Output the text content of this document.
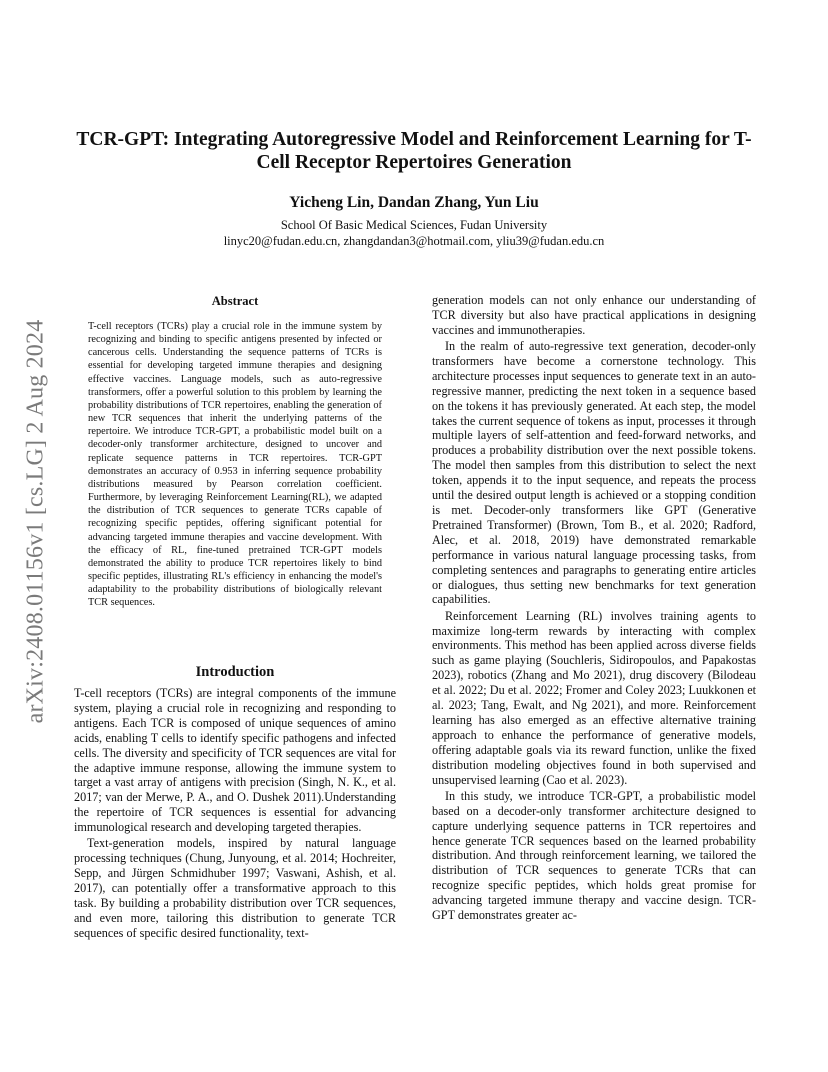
arXiv:2408.01156v1 [cs.LG] 2 Aug 2024
TCR-GPT: Integrating Autoregressive Model and Reinforcement Learning for T-Cell Receptor Repertoires Generation

Yicheng Lin, Dandan Zhang, Yun Liu

School Of Basic Medical Sciences, Fudan University
linyc20@fudan.edu.cn, zhangdandan3@hotmail.com, yliu39@fudan.edu.cn
Abstract

T-cell receptors (TCRs) play a crucial role in the immune system by recognizing and binding to specific antigens presented by infected or cancerous cells. Understanding the sequence patterns of TCRs is essential for developing targeted immune therapies and designing effective vaccines. Language models, such as auto-regressive transformers, offer a powerful solution to this problem by learning the probability distributions of TCR repertoires, enabling the generation of new TCR sequences that inherit the underlying patterns of the repertoire. We introduce TCR-GPT, a probabilistic model built on a decoder-only transformer architecture, designed to uncover and replicate sequence patterns in TCR repertoires. TCR-GPT demonstrates an accuracy of 0.953 in inferring sequence probability distributions measured by Pearson correlation coefficient. Furthermore, by leveraging Reinforcement Learning(RL), we adapted the distribution of TCR sequences to generate TCRs capable of recognizing specific peptides, offering significant potential for advancing targeted immune therapies and vaccine development. With the efficacy of RL, fine-tuned pretrained TCR-GPT models demonstrated the ability to produce TCR repertoires likely to bind specific peptides, illustrating RL's efficiency in enhancing the model's adaptability to the probability distributions of biologically relevant TCR sequences.

Introduction

T-cell receptors (TCRs) are integral components of the immune system, playing a crucial role in recognizing and responding to antigens. Each TCR is composed of unique sequences of amino acids, enabling T cells to identify specific pathogens and infected cells. The diversity and specificity of TCR sequences are vital for the adaptive immune response, allowing the immune system to target a vast array of antigens with precision (Singh, N. K., et al. 2017; van der Merwe, P. A., and O. Dushek 2011).Understanding the repertoire of TCR sequences is essential for advancing immunological research and developing targeted therapies.

Text-generation models, inspired by natural language processing techniques (Chung, Junyoung, et al. 2014; Hochreiter, Sepp, and Jürgen Schmidhuber 1997; Vaswani, Ashish, et al. 2017), can potentially offer a transformative approach to this task. By building a probability distribution over TCR sequences, and even more, tailoring this distribution to generate TCR sequences of specific desired functionality, text-

generation models can not only enhance our understanding of TCR diversity but also have practical applications in designing vaccines and immunotherapies.

In the realm of auto-regressive text generation, decoder-only transformers have become a cornerstone technology. This architecture processes input sequences to generate text in an auto-regressive manner, predicting the next token in a sequence based on the tokens it has previously generated. At each step, the model takes the current sequence of tokens as input, processes it through multiple layers of self-attention and feed-forward networks, and produces a probability distribution over the next possible tokens. The model then samples from this distribution to select the next token, appends it to the input sequence, and repeats the process until the desired output length is achieved or a stopping condition is met. Decoder-only transformers like GPT (Generative Pretrained Transformer) (Brown, Tom B., et al. 2020; Radford, Alec, et al. 2018, 2019) have demonstrated remarkable performance in various natural language processing tasks, from completing sentences and paragraphs to generating entire articles or dialogues, thus setting new benchmarks for text generation capabilities.

Reinforcement Learning (RL) involves training agents to maximize long-term rewards by interacting with complex environments. This method has been applied across diverse fields such as game playing (Souchleris, Sidiropoulos, and Papakostas 2023), robotics (Zhang and Mo 2021), drug discovery (Bilodeau et al. 2022; Du et al. 2022; Fromer and Coley 2023; Luukkonen et al. 2023; Tang, Ewalt, and Ng 2021), and more. Reinforcement learning has also emerged as an effective alternative training approach to enhance the performance of generative models, offering adaptable goals via its reward function, unlike the fixed distribution modeling objectives found in both supervised and unsupervised learning (Cao et al. 2023).

In this study, we introduce TCR-GPT, a probabilistic model based on a decoder-only transformer architecture designed to capture underlying sequence patterns in TCR repertoires and hence generate TCR sequences based on the learned probability distribution. And through reinforcement learning, we tailored the distribution of TCR sequences to generate TCRs that can recognize specific peptides, which holds great promise for advancing targeted immune therapy and vaccine design. TCR-GPT demonstrates greater ac-
